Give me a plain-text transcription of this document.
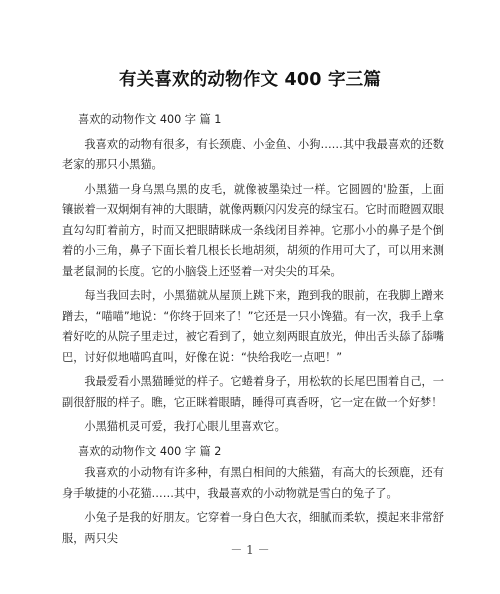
有关喜欢的动物作文 400 字三篇

喜欢的动物作文 400 字 篇 1

我喜欢的动物有很多，有长颈鹿、小金鱼、小狗……其中我最喜欢的还数老家的那只小黑猫。

小黑猫一身乌黑乌黑的皮毛，就像被墨染过一样。它圆圆的'脸蛋，上面镶嵌着一双炯炯有神的大眼睛，就像两颗闪闪发亮的绿宝石。它时而瞪圆双眼直勾勾盯着前方，时而又把眼睛眯成一条线闭目养神。它那小小的鼻子是个倒着的小三角，鼻子下面长着几根长长地胡须，胡须的作用可大了，可以用来测量老鼠洞的长度。它的小脑袋上还竖着一对尖尖的耳朵。

每当我回去时，小黑猫就从屋顶上跳下来，跑到我的眼前，在我脚上蹭来蹭去，“喵喵”地说：“你终于回来了！”它还是一只小馋猫。有一次，我手上拿着好吃的从院子里走过，被它看到了，她立刻两眼直放光，伸出舌头舔了舔嘴巴，讨好似地喵呜直叫，好像在说：“快给我吃一点吧！”

我最爱看小黑猫睡觉的样子。它蜷着身子，用松软的长尾巴围着自己，一副很舒服的样子。瞧，它正眯着眼睛，睡得可真香呀，它一定在做一个好梦！

小黑猫机灵可爱，我打心眼儿里喜欢它。

喜欢的动物作文 400 字 篇 2

我喜欢的小动物有许多种，有黑白相间的大熊猫，有高大的长颈鹿，还有身手敏捷的小花猫……其中，我最喜欢的小动物就是雪白的兔子了。

小兔子是我的好朋友。它穿着一身白色大衣，细腻而柔软，摸起来非常舒服，两只尖

－ 1 －
